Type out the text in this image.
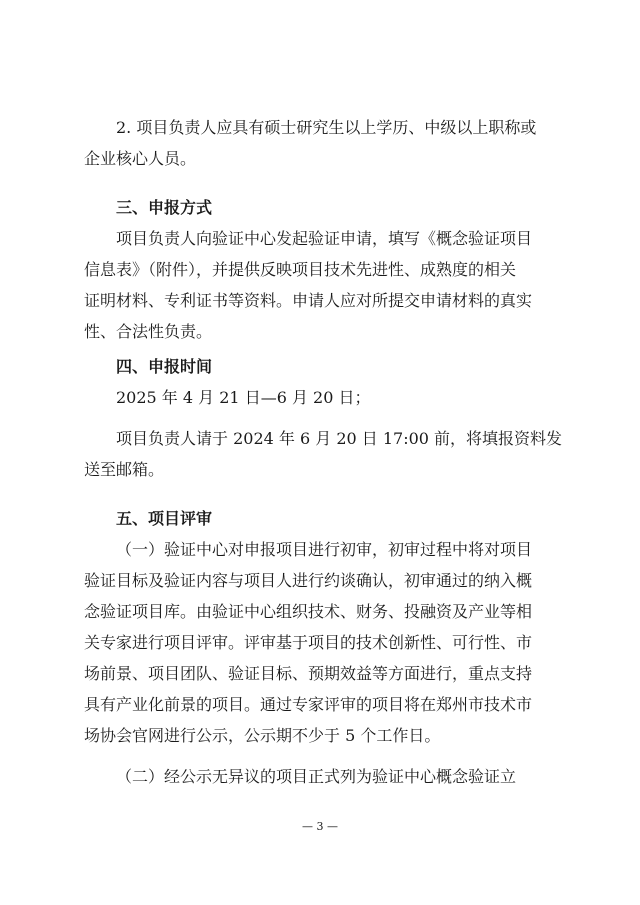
2. 项目负责人应具有硕士研究生以上学历、中级以上职称或
企业核心人员。

三、申报方式

项目负责人向验证中心发起验证申请，填写《概念验证项目
信息表》（附件），并提供反映项目技术先进性、成熟度的相关
证明材料、专利证书等资料。申请人应对所提交申请材料的真实
性、合法性负责。

四、申报时间

2025 年 4 月 21 日—6 月 20 日；

项目负责人请于 2024 年 6 月 20 日 17:00 前，将填报资料发
送至邮箱。

五、项目评审

（一）验证中心对申报项目进行初审，初审过程中将对项目
验证目标及验证内容与项目人进行约谈确认，初审通过的纳入概
念验证项目库。由验证中心组织技术、财务、投融资及产业等相
关专家进行项目评审。评审基于项目的技术创新性、可行性、市
场前景、项目团队、验证目标、预期效益等方面进行，重点支持
具有产业化前景的项目。通过专家评审的项目将在郑州市技术市
场协会官网进行公示，公示期不少于 5 个工作日。

（二）经公示无异议的项目正式列为验证中心概念验证立

— 3 —
